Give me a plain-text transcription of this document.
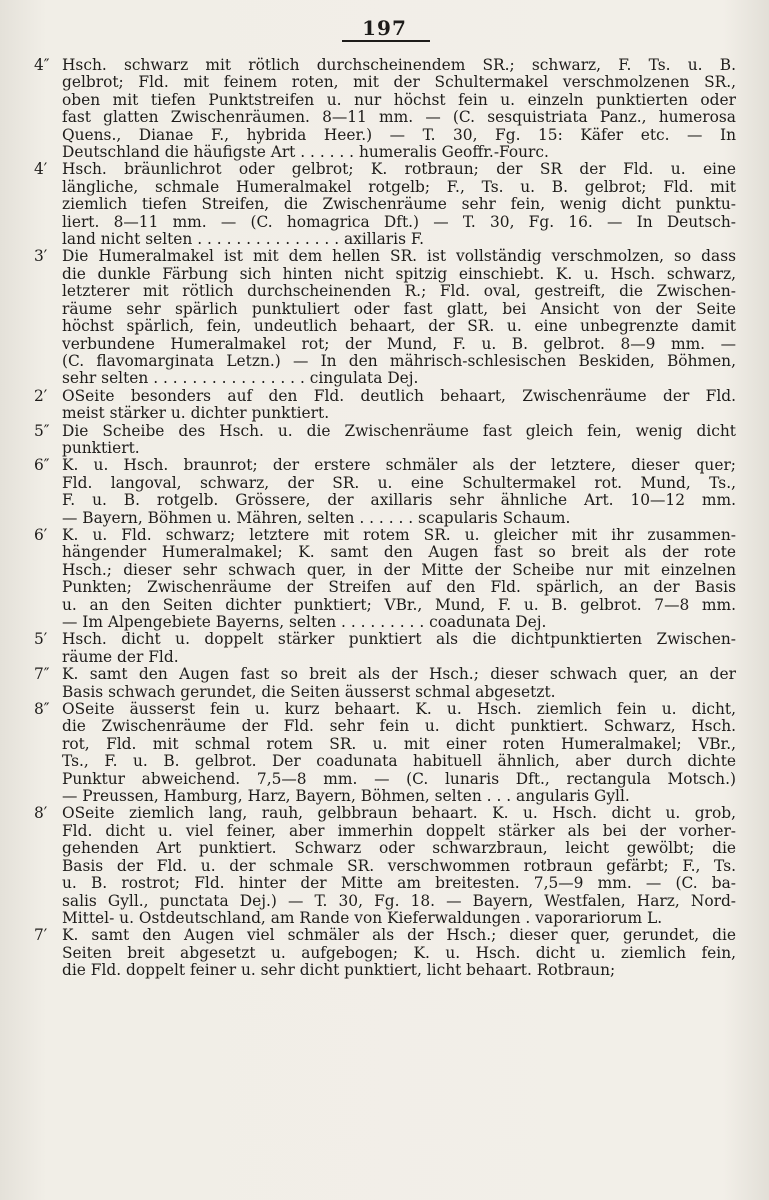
197
4″ Hsch. schwarz mit rötlich durchscheinendem SR.; schwarz, F. Ts. u. B.
gelbrot; Fld. mit feinem roten, mit der Schultermakel verschmolzenen SR.,
oben mit tiefen Punktstreifen u. nur höchst fein u. einzeln punktierten oder
fast glatten Zwischenräumen. 8—11 mm. — (C. sesquistriata Panz., humerosa
Quens., Dianae F., hybrida Heer.) — T. 30, Fg. 15: Käfer etc. — In
Deutschland die häufigste Art . . . . . . humeralis Geoffr.-Fourc.
4′ Hsch. bräunlichrot oder gelbrot; K. rotbraun; der SR der Fld. u. eine
längliche, schmale Humeralmakel rotgelb; F., Ts. u. B. gelbrot; Fld. mit
ziemlich tiefen Streifen, die Zwischenräume sehr fein, wenig dicht punktu-
liert. 8—11 mm. — (C. homagrica Dft.) — T. 30, Fg. 16. — In Deutsch-
land nicht selten . . . . . . . . . . . . . . . axillaris F.
3′ Die Humeralmakel ist mit dem hellen SR. ist vollständig verschmolzen, so dass
die dunkle Färbung sich hinten nicht spitzig einschiebt. K. u. Hsch. schwarz,
letzterer mit rötlich durchscheinenden R.; Fld. oval, gestreift, die Zwischen-
räume sehr spärlich punktuliert oder fast glatt, bei Ansicht von der Seite
höchst spärlich, fein, undeutlich behaart, der SR. u. eine unbegrenzte damit
verbundene Humeralmakel rot; der Mund, F. u. B. gelbrot. 8—9 mm. —
(C. flavomarginata Letzn.) — In den mährisch-schlesischen Beskiden, Böhmen,
sehr selten . . . . . . . . . . . . . . . . cingulata Dej.
2′ OSeite besonders auf den Fld. deutlich behaart, Zwischenräume der Fld.
meist stärker u. dichter punktiert.
5″ Die Scheibe des Hsch. u. die Zwischenräume fast gleich fein, wenig dicht
punktiert.
6″ K. u. Hsch. braunrot; der erstere schmäler als der letztere, dieser quer;
Fld. langoval, schwarz, der SR. u. eine Schultermakel rot. Mund, Ts.,
F. u. B. rotgelb. Grössere, der axillaris sehr ähnliche Art. 10—12 mm.
— Bayern, Böhmen u. Mähren, selten . . . . . . scapularis Schaum.
6′ K. u. Fld. schwarz; letztere mit rotem SR. u. gleicher mit ihr zusammen-
hängender Humeralmakel; K. samt den Augen fast so breit als der rote
Hsch.; dieser sehr schwach quer, in der Mitte der Scheibe nur mit einzelnen
Punkten; Zwischenräume der Streifen auf den Fld. spärlich, an der Basis
u. an den Seiten dichter punktiert; VBr., Mund, F. u. B. gelbrot. 7—8 mm.
— Im Alpengebiete Bayerns, selten . . . . . . . . . coadunata Dej.
5′ Hsch. dicht u. doppelt stärker punktiert als die dichtpunktierten Zwischen-
räume der Fld.
7″ K. samt den Augen fast so breit als der Hsch.; dieser schwach quer, an der
Basis schwach gerundet, die Seiten äusserst schmal abgesetzt.
8″ OSeite äusserst fein u. kurz behaart. K. u. Hsch. ziemlich fein u. dicht,
die Zwischenräume der Fld. sehr fein u. dicht punktiert. Schwarz, Hsch.
rot, Fld. mit schmal rotem SR. u. mit einer roten Humeralmakel; VBr.,
Ts., F. u. B. gelbrot. Der coadunata habituell ähnlich, aber durch dichte
Punktur abweichend. 7,5—8 mm. — (C. lunaris Dft., rectangula Motsch.)
— Preussen, Hamburg, Harz, Bayern, Böhmen, selten . . . angularis Gyll.
8′ OSeite ziemlich lang, rauh, gelbbraun behaart. K. u. Hsch. dicht u. grob,
Fld. dicht u. viel feiner, aber immerhin doppelt stärker als bei der vorher-
gehenden Art punktiert. Schwarz oder schwarzbraun, leicht gewölbt; die
Basis der Fld. u. der schmale SR. verschwommen rotbraun gefärbt; F., Ts.
u. B. rostrot; Fld. hinter der Mitte am breitesten. 7,5—9 mm. — (C. ba-
salis Gyll., punctata Dej.) — T. 30, Fg. 18. — Bayern, Westfalen, Harz, Nord-
Mittel- u. Ostdeutschland, am Rande von Kieferwaldungen . vaporariorum L.
7′ K. samt den Augen viel schmäler als der Hsch.; dieser quer, gerundet, die
Seiten breit abgesetzt u. aufgebogen; K. u. Hsch. dicht u. ziemlich fein,
die Fld. doppelt feiner u. sehr dicht punktiert, licht behaart. Rotbraun;
